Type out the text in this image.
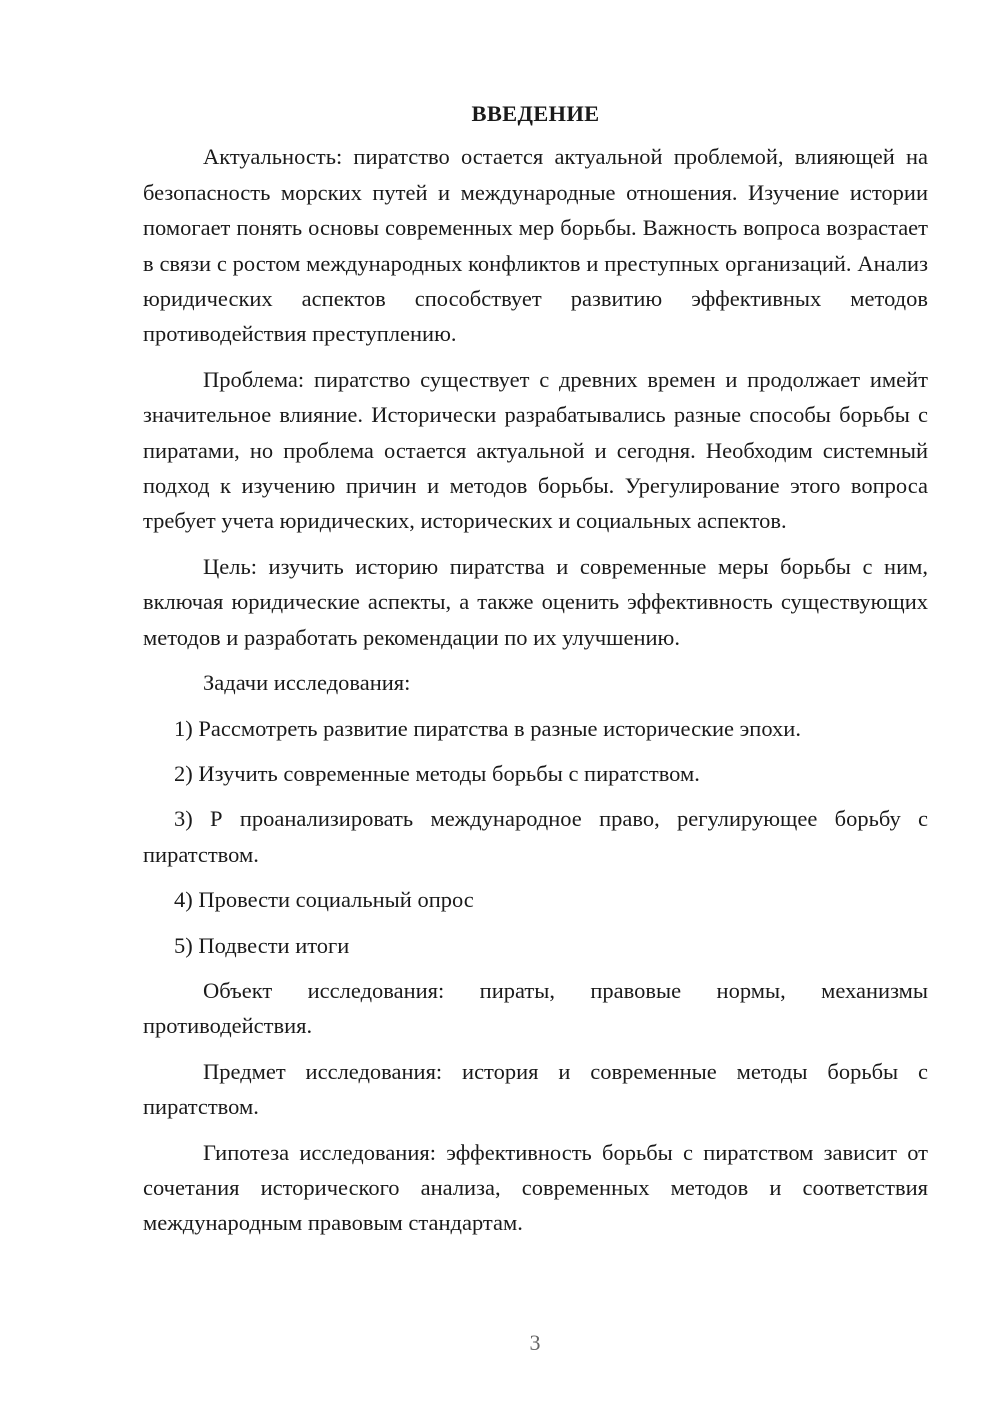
ВВЕДЕНИЕ

Актуальность: пиратство остается актуальной проблемой, влияющей на безопасность морских путей и международные отношения. Изучение истории помогает понять основы современных мер борьбы. Важность вопроса возрастает в связи с ростом международных конфликтов и преступных организаций. Анализ юридических аспектов способствует развитию эффективных методов противодействия преступлению.

Проблема: пиратство существует с древних времен и продолжает имейт значительное влияние. Исторически разрабатывались разные способы борьбы с пиратами, но проблема остается актуальной и сегодня. Необходим системный подход к изучению причин и методов борьбы. Урегулирование этого вопроса требует учета юридических, исторических и социальных аспектов.

Цель: изучить историю пиратства и современные меры борьбы с ним, включая юридические аспекты, а также оценить эффективность существующих методов и разработать рекомендации по их улучшению.

Задачи исследования:

1) Рассмотреть развитие пиратства в разные исторические эпохи.

2) Изучить современные методы борьбы с пиратством.

3) Р проанализировать международное право, регулирующее борьбу с пиратством.

4) Провести социальный опрос

5) Подвести итоги

Объект исследования: пираты, правовые нормы, механизмы противодействия.

Предмет исследования: история и современные методы борьбы с пиратством.

Гипотеза исследования: эффективность борьбы с пиратством зависит от сочетания исторического анализа, современных методов и соответствия международным правовым стандартам.

3
